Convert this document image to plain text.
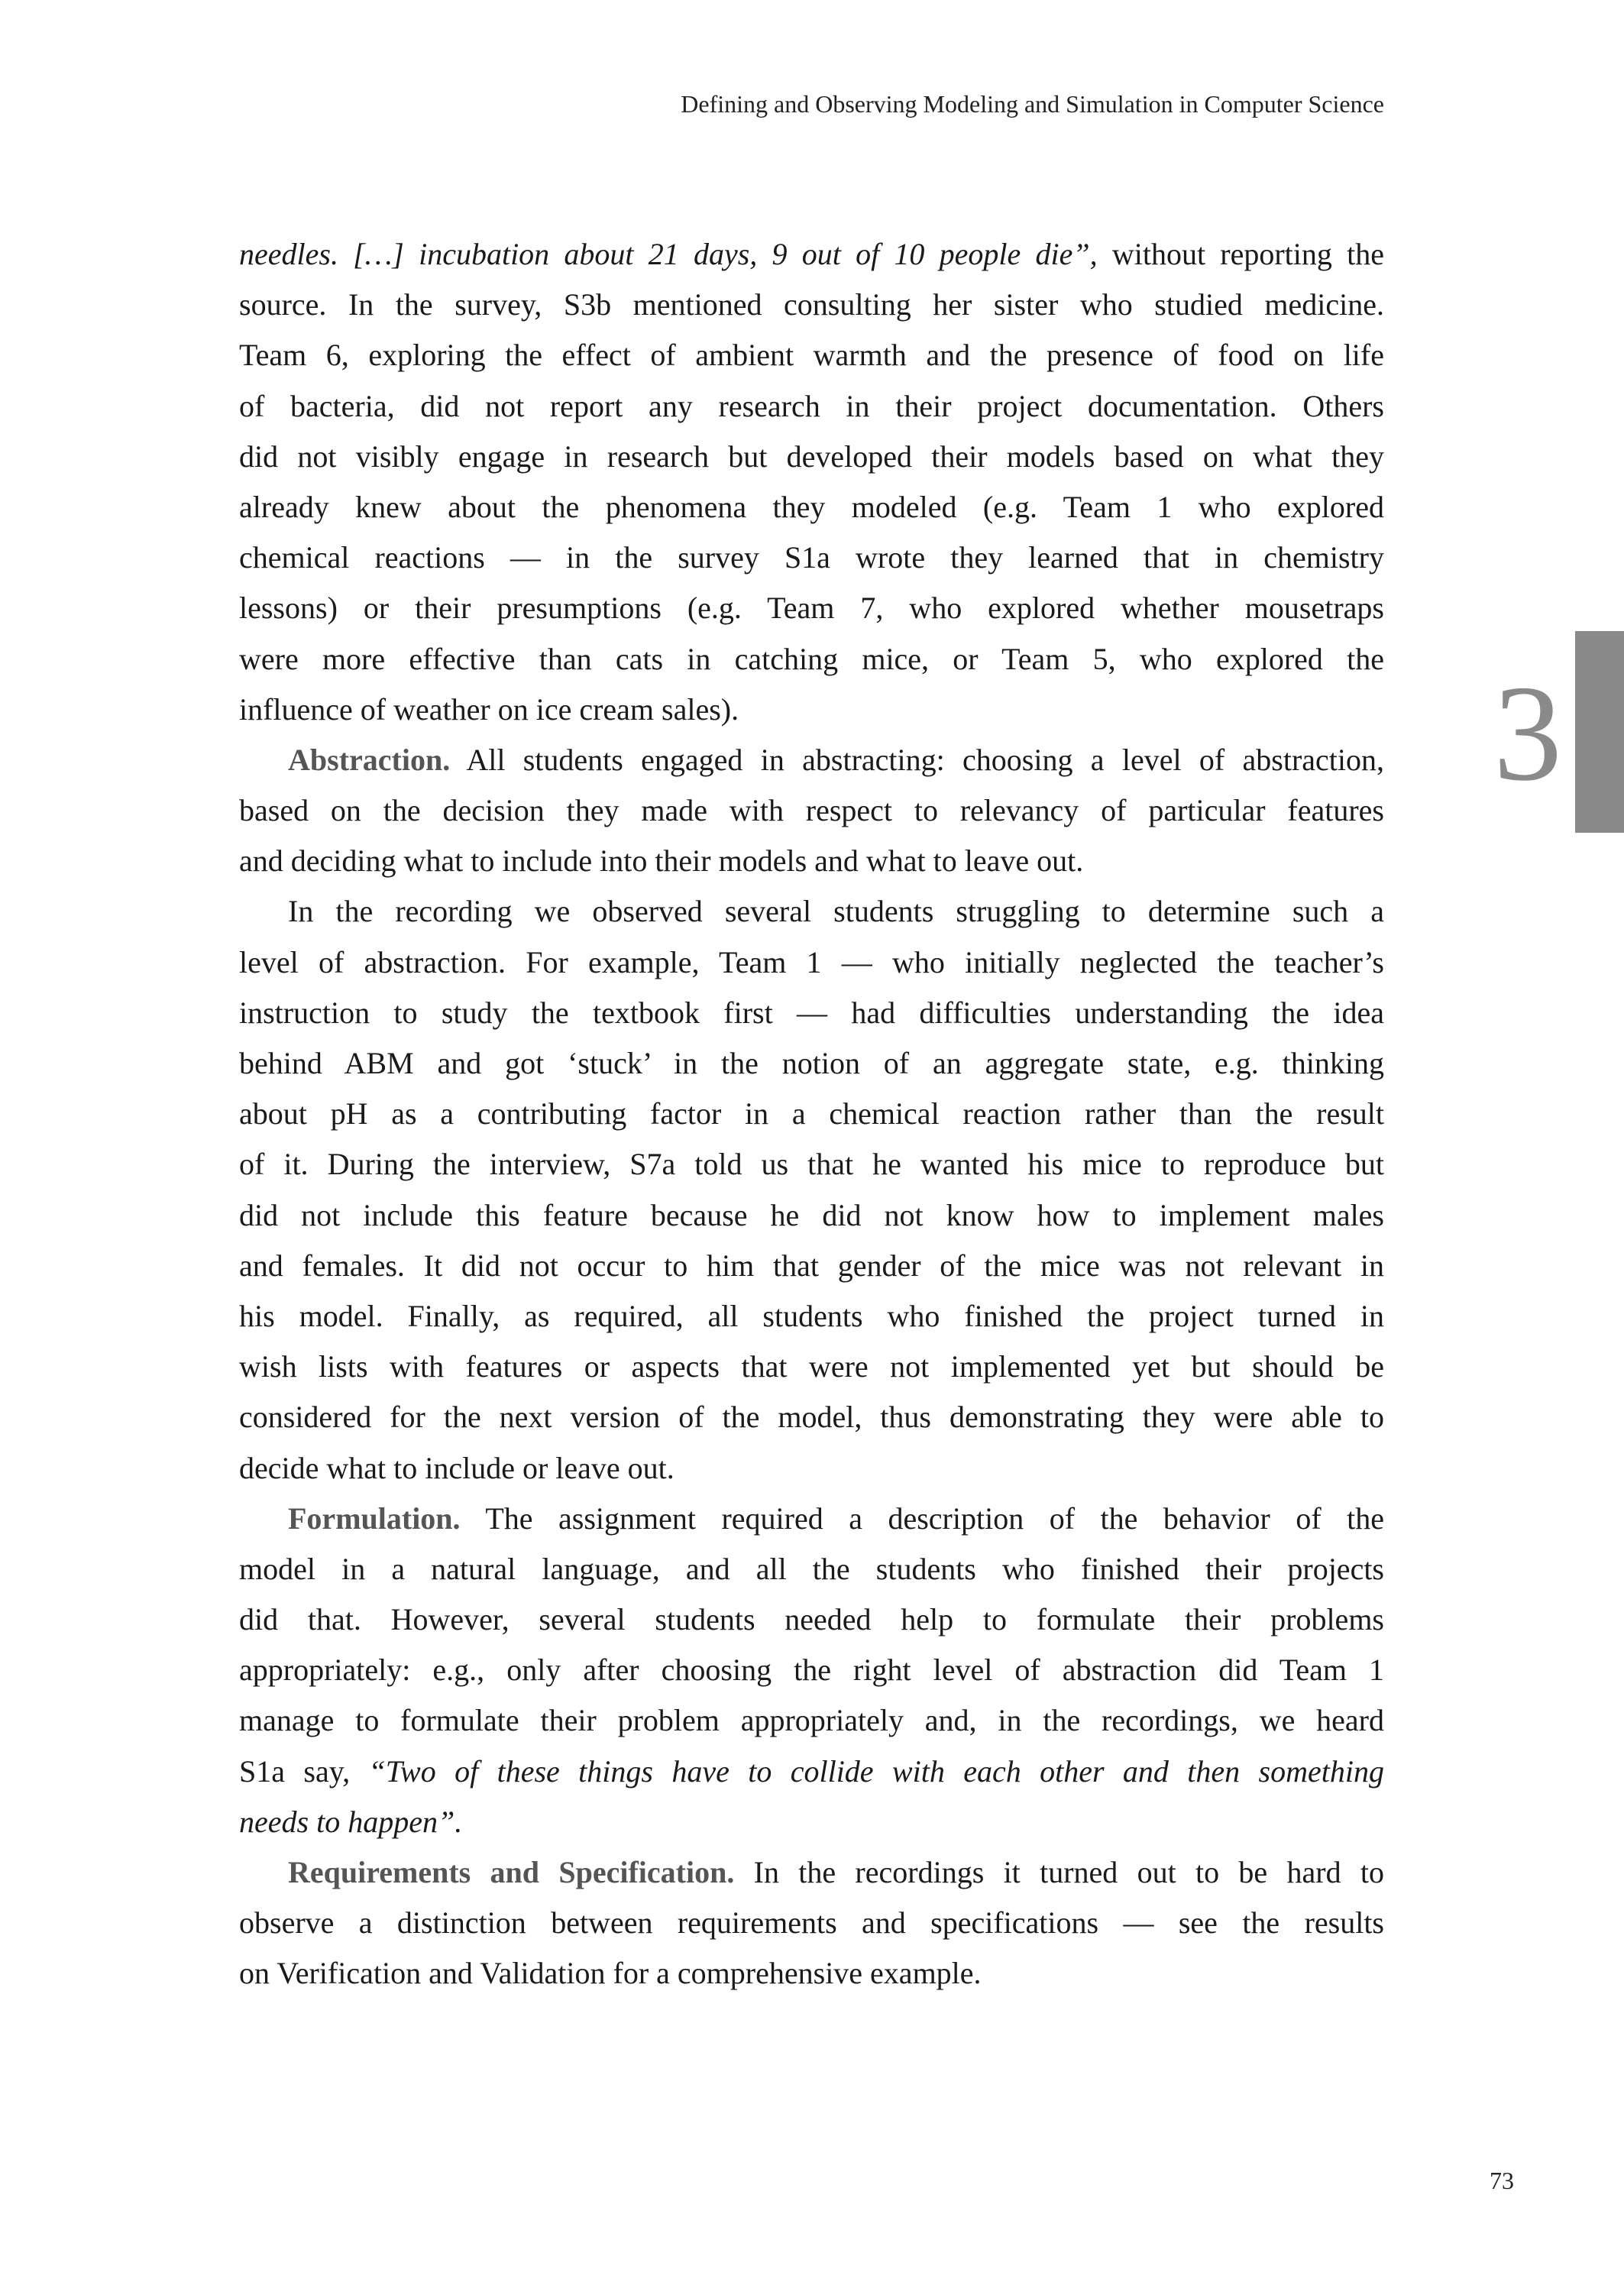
Defining and Observing Modeling and Simulation in Computer Science
needles. […] incubation about 21 days, 9 out of 10 people die”, without reporting the
source. In the survey, S3b mentioned consulting her sister who studied medicine.
Team 6, exploring the effect of ambient warmth and the presence of food on life
of bacteria, did not report any research in their project documentation. Others
did not visibly engage in research but developed their models based on what they
already knew about the phenomena they modeled (e.g. Team 1 who explored
chemical reactions — in the survey S1a wrote they learned that in chemistry
lessons) or their presumptions (e.g. Team 7, who explored whether mousetraps
were more effective than cats in catching mice, or Team 5, who explored the
influence of weather on ice cream sales).
Abstraction. All students engaged in abstracting: choosing a level of abstraction,
based on the decision they made with respect to relevancy of particular features
and deciding what to include into their models and what to leave out.
In the recording we observed several students struggling to determine such a
level of abstraction. For example, Team 1 — who initially neglected the teacher’s
instruction to study the textbook first — had difficulties understanding the idea
behind ABM and got ‘stuck’ in the notion of an aggregate state, e.g. thinking
about pH as a contributing factor in a chemical reaction rather than the result
of it. During the interview, S7a told us that he wanted his mice to reproduce but
did not include this feature because he did not know how to implement males
and females. It did not occur to him that gender of the mice was not relevant in
his model. Finally, as required, all students who finished the project turned in
wish lists with features or aspects that were not implemented yet but should be
considered for the next version of the model, thus demonstrating they were able to
decide what to include or leave out.
Formulation. The assignment required a description of the behavior of the
model in a natural language, and all the students who finished their projects
did that. However, several students needed help to formulate their problems
appropriately: e.g., only after choosing the right level of abstraction did Team 1
manage to formulate their problem appropriately and, in the recordings, we heard
S1a say, “Two of these things have to collide with each other and then something
needs to happen”.
Requirements and Specification. In the recordings it turned out to be hard to
observe a distinction between requirements and specifications — see the results
on Verification and Validation for a comprehensive example.
3
73
